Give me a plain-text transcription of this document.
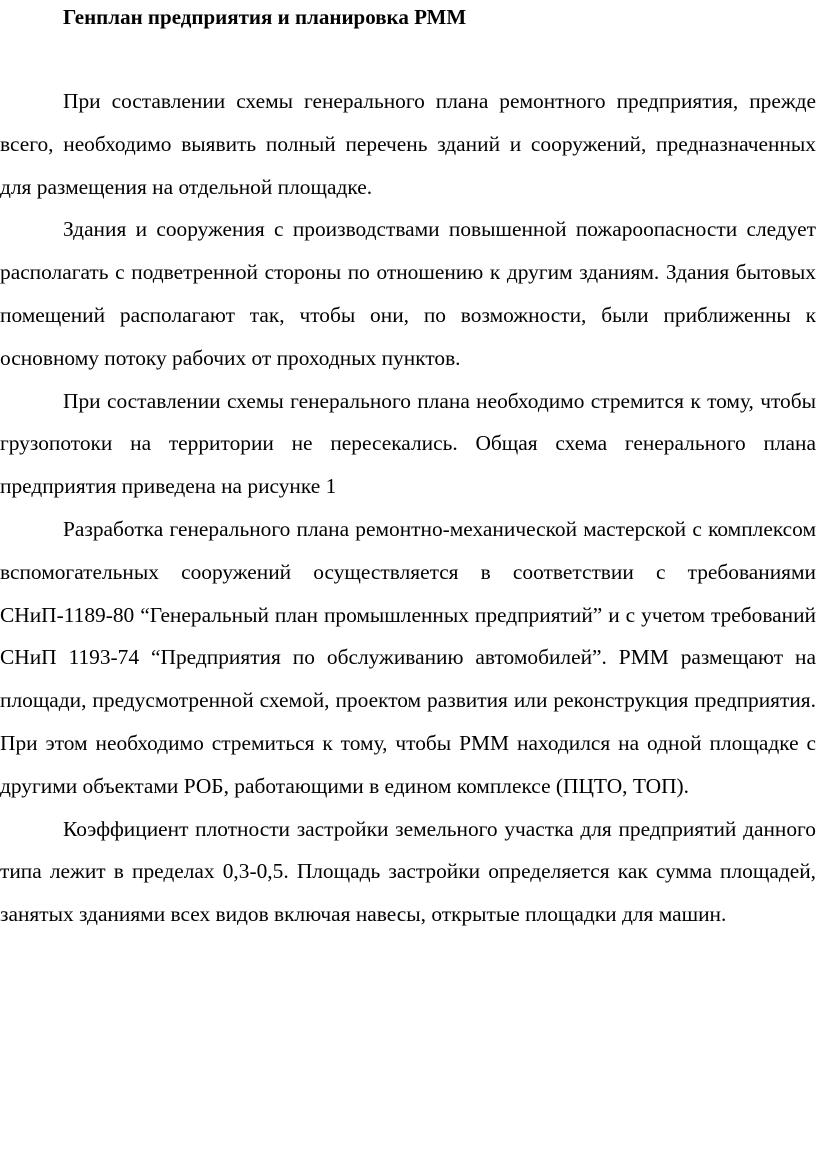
Генплан предприятия и планировка РММ

При составлении схемы генерального плана ремонтного предприятия, прежде всего, необходимо выявить полный перечень зданий и сооружений, предназначенных для размещения на отдельной площадке.

Здания и сооружения с производствами повышенной пожароопасности следует располагать с подветренной стороны по отношению к другим зданиям. Здания бытовых помещений располагают так, чтобы они, по возможности, были приближенны к основному потоку рабочих от проходных пунктов.

При составлении схемы генерального плана необходимо стремится к тому, чтобы грузопотоки на территории не пересекались. Общая схема генерального плана предприятия приведена на рисунке 1

Разработка генерального плана ремонтно-механической мастерской с комплексом вспомогательных сооружений осуществляется в соответствии с требованиями СНиП-1189-80 “Генеральный план промышленных предприятий” и с учетом требований СНиП 1193-74 “Предприятия по обслуживанию автомобилей”. РММ размещают на площади, предусмотренной схемой, проектом развития или реконструкция предприятия. При этом необходимо стремиться к тому, чтобы РММ находился на одной площадке с другими объектами РОБ, работающими в едином комплексе (ПЦТО, ТОП).

Коэффициент плотности застройки земельного участка для предприятий данного типа лежит в пределах 0,3-0,5. Площадь застройки определяется как сумма площадей, занятых зданиями всех видов включая навесы, открытые площадки для машин.
